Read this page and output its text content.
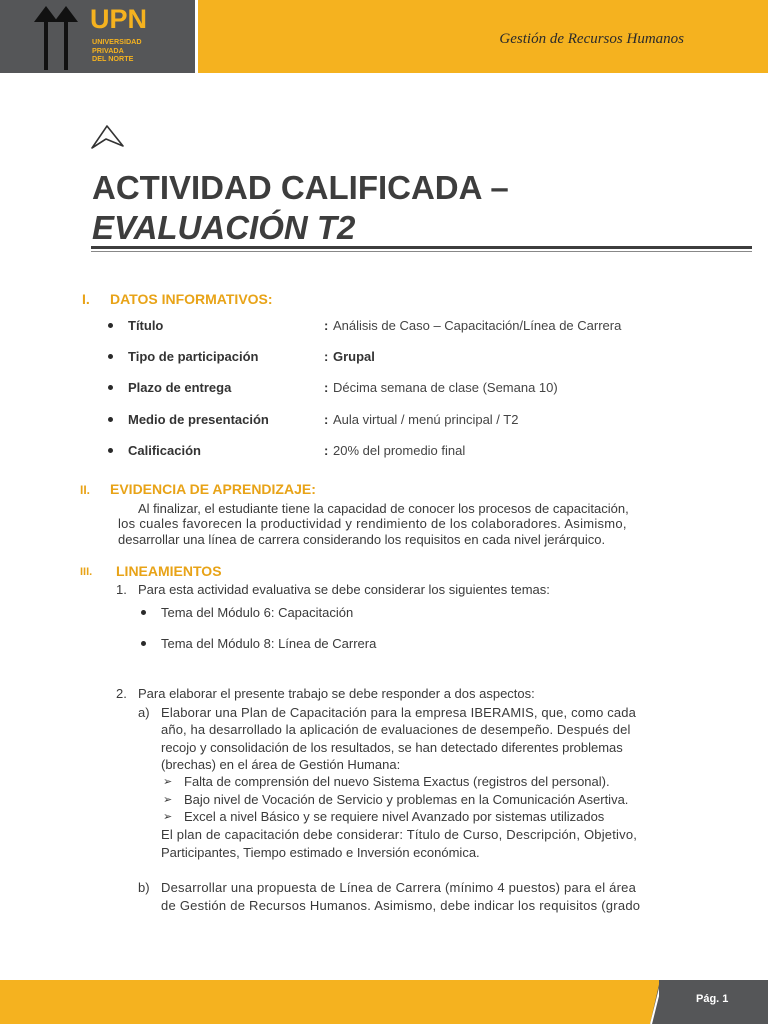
UPN
UNIVERSIDAD
PRIVADA
DEL NORTE
Gestión de Recursos Humanos
ACTIVIDAD CALIFICADA –
EVALUACIÓN T2
I. DATOS INFORMATIVOS:
Título	: Análisis de Caso – Capacitación/Línea de Carrera
Tipo de participación	: Grupal
Plazo de entrega	: Décima semana de clase (Semana 10)
Medio de presentación	: Aula virtual / menú principal / T2
Calificación	: 20% del promedio final
II. EVIDENCIA DE APRENDIZAJE:
Al finalizar, el estudiante tiene la capacidad de conocer los procesos de capacitación,
los cuales favorecen la productividad y rendimiento de los colaboradores. Asimismo,
desarrollar una línea de carrera considerando los requisitos en cada nivel jerárquico.
III. LINEAMIENTOS
1. Para esta actividad evaluativa se debe considerar los siguientes temas:
Tema del Módulo 6: Capacitación
Tema del Módulo 8: Línea de Carrera
2. Para elaborar el presente trabajo se debe responder a dos aspectos:
a) Elaborar una Plan de Capacitación para la empresa IBERAMIS, que, como cada
año, ha desarrollado la aplicación de evaluaciones de desempeño. Después del
recojo y consolidación de los resultados, se han detectado diferentes problemas
(brechas) en el área de Gestión Humana:
➢ Falta de comprensión del nuevo Sistema Exactus (registros del personal).
➢ Bajo nivel de Vocación de Servicio y problemas en la Comunicación Asertiva.
➢ Excel a nivel Básico y se requiere nivel Avanzado por sistemas utilizados
El plan de capacitación debe considerar: Título de Curso, Descripción, Objetivo,
Participantes, Tiempo estimado e Inversión económica.
b) Desarrollar una propuesta de Línea de Carrera (mínimo 4 puestos) para el área
de Gestión de Recursos Humanos. Asimismo, debe indicar los requisitos (grado
Pág. 1
